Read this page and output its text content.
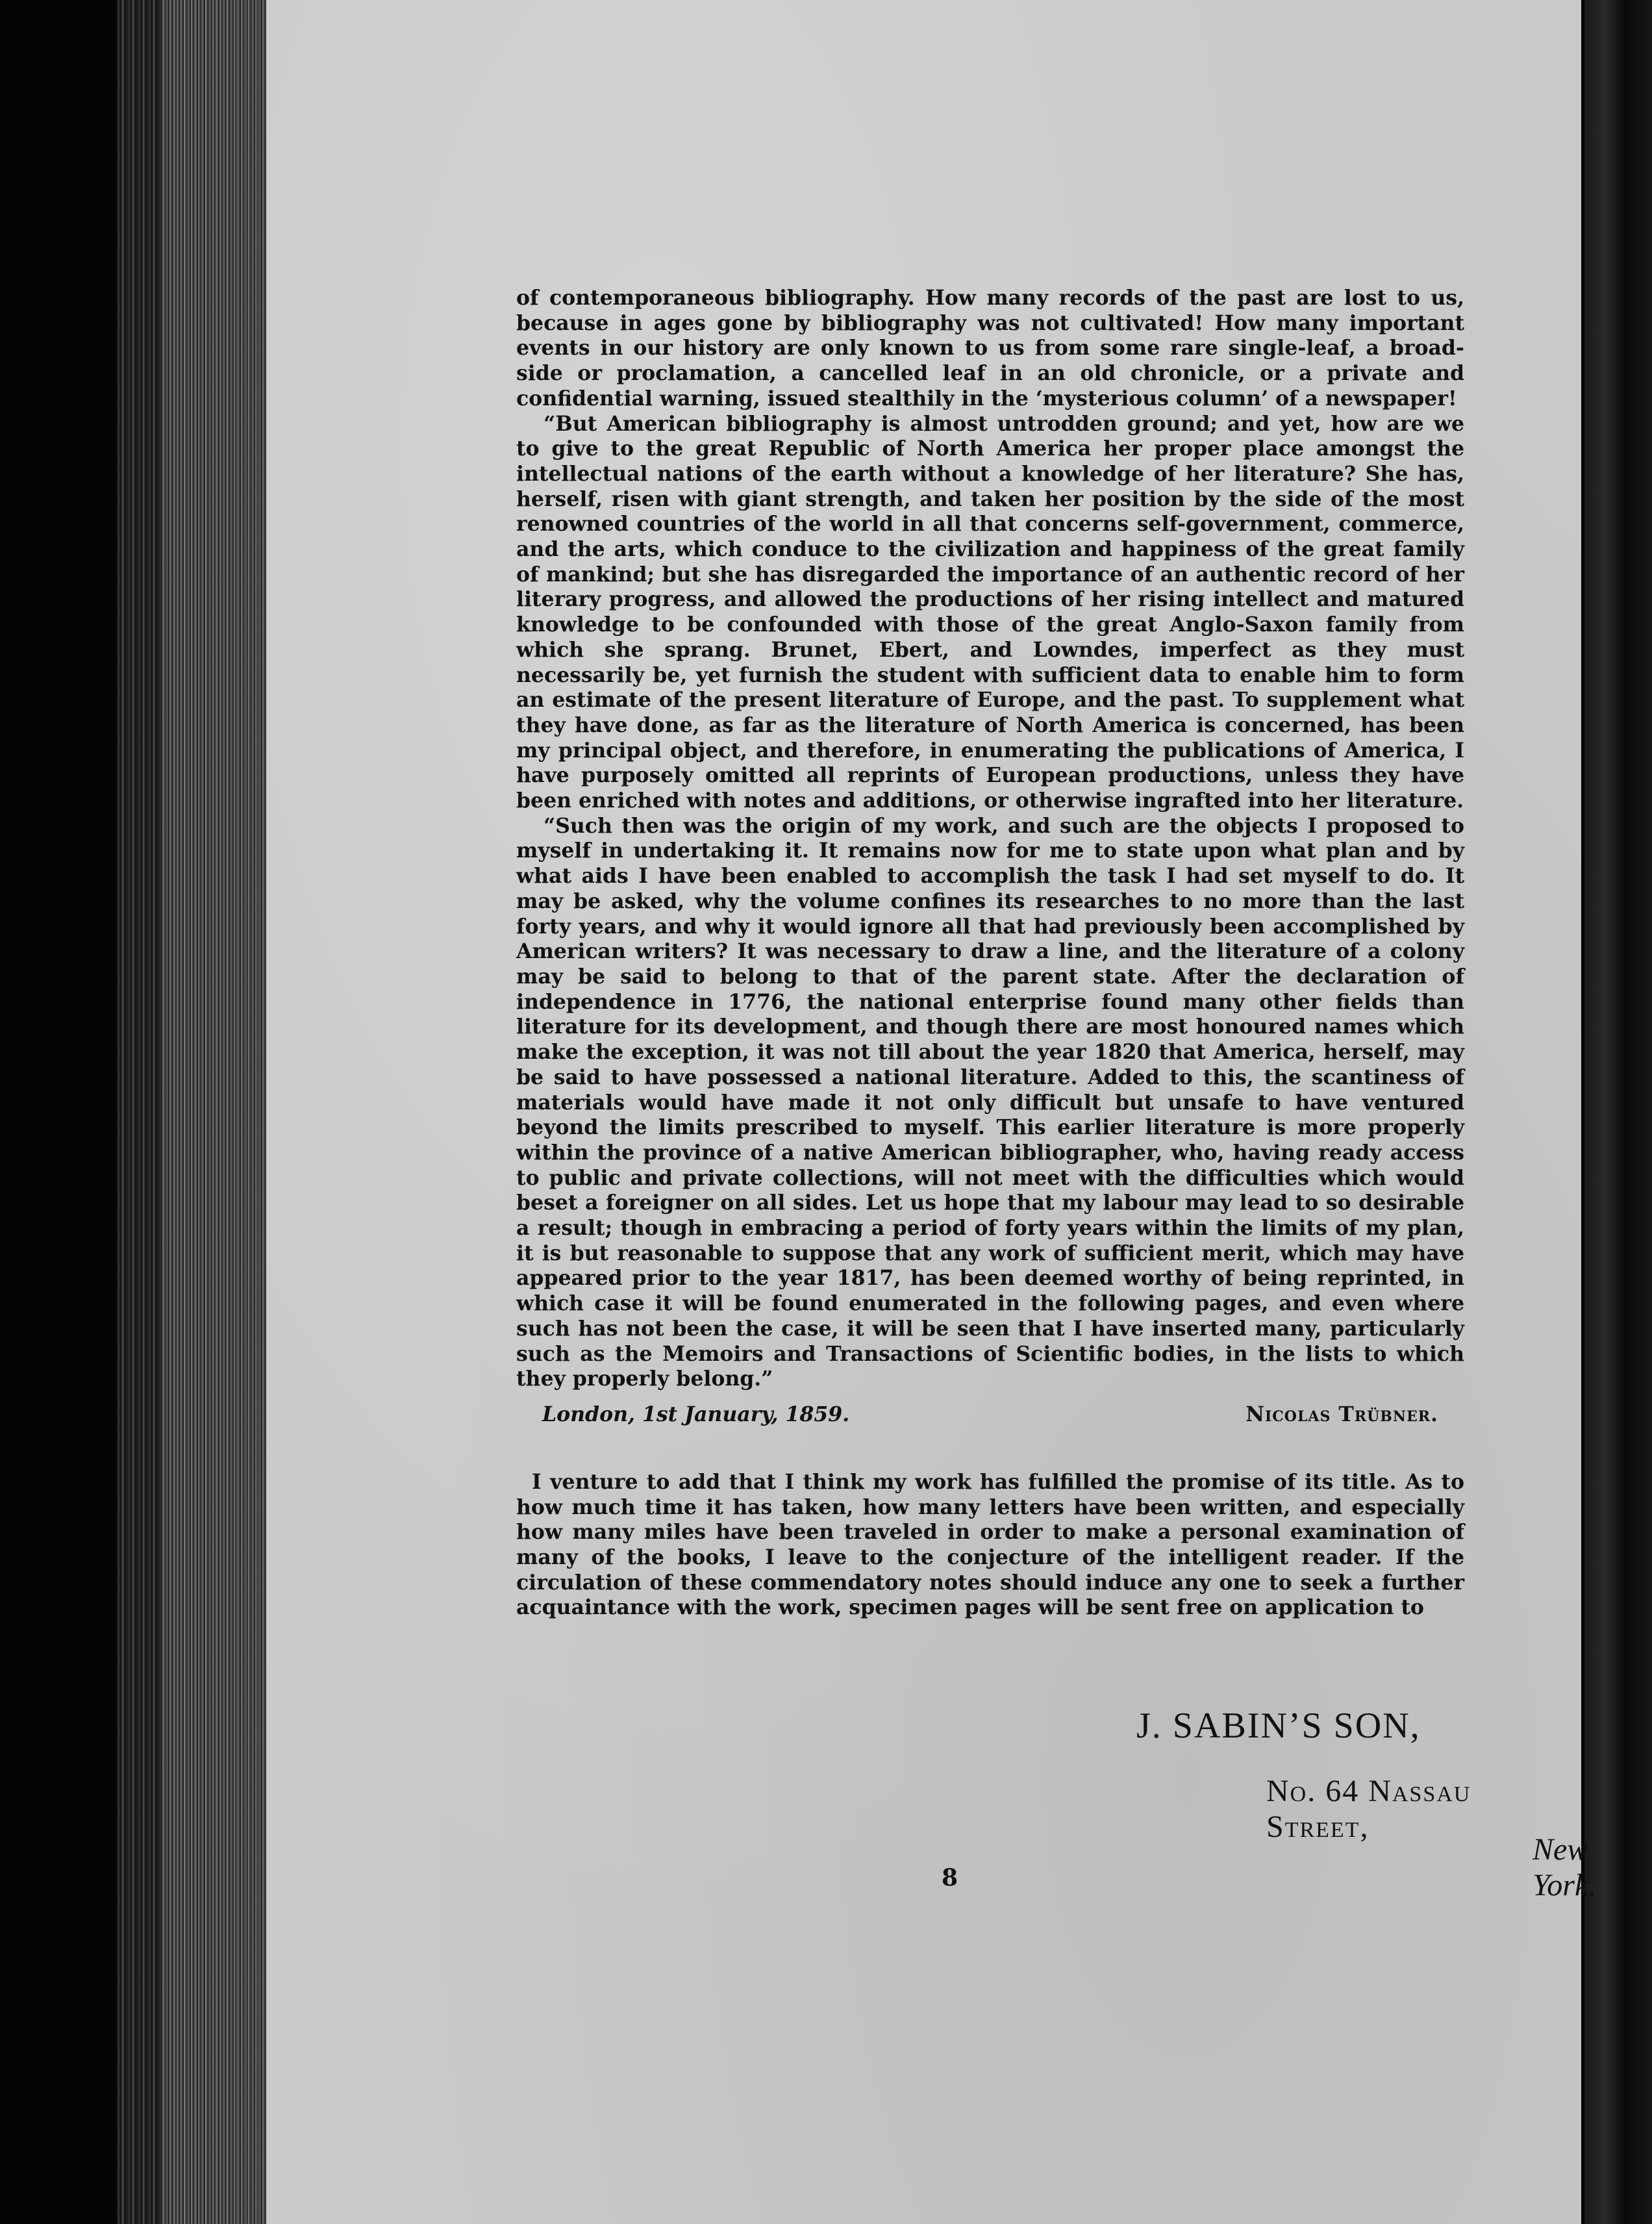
of contemporaneous bibliography. How many records of the past are lost to us, because in ages gone by bibliography was not cultivated! How many important events in our history are only known to us from some rare single-leaf, a broad-side or proclamation, a cancelled leaf in an old chronicle, or a private and confidential warning, issued stealthily in the ‘mysterious column’ of a newspaper!

“But American bibliography is almost untrodden ground; and yet, how are we to give to the great Republic of North America her proper place amongst the intellectual nations of the earth without a knowledge of her literature? She has, herself, risen with giant strength, and taken her position by the side of the most renowned countries of the world in all that concerns self-government, commerce, and the arts, which conduce to the civilization and happiness of the great family of mankind; but she has disregarded the importance of an authentic record of her literary progress, and allowed the productions of her rising intellect and matured knowledge to be confounded with those of the great Anglo-Saxon family from which she sprang. Brunet, Ebert, and Lowndes, imperfect as they must necessarily be, yet furnish the student with sufficient data to enable him to form an estimate of the present literature of Europe, and the past. To supplement what they have done, as far as the literature of North America is concerned, has been my principal object, and therefore, in enumerating the publications of America, I have purposely omitted all reprints of European productions, unless they have been enriched with notes and additions, or otherwise ingrafted into her literature.

“Such then was the origin of my work, and such are the objects I proposed to myself in undertaking it. It remains now for me to state upon what plan and by what aids I have been enabled to accomplish the task I had set myself to do. It may be asked, why the volume confines its researches to no more than the last forty years, and why it would ignore all that had previously been accomplished by American writers? It was necessary to draw a line, and the literature of a colony may be said to belong to that of the parent state. After the declaration of independence in 1776, the national enterprise found many other fields than literature for its development, and though there are most honoured names which make the exception, it was not till about the year 1820 that America, herself, may be said to have possessed a national literature. Added to this, the scantiness of materials would have made it not only difficult but unsafe to have ventured beyond the limits prescribed to myself. This earlier literature is more properly within the province of a native American bibliographer, who, having ready access to public and private collections, will not meet with the difficulties which would beset a foreigner on all sides. Let us hope that my labour may lead to so desirable a result; though in embracing a period of forty years within the limits of my plan, it is but reasonable to suppose that any work of sufficient merit, which may have appeared prior to the year 1817, has been deemed worthy of being reprinted, in which case it will be found enumerated in the following pages, and even where such has not been the case, it will be seen that I have inserted many, particularly such as the Memoirs and Transactions of Scientific bodies, in the lists to which they properly belong.”

London, 1st January, 1859.	Nicolas Trübner.

I venture to add that I think my work has fulfilled the promise of its title. As to how much time it has taken, how many letters have been written, and especially how many miles have been traveled in order to make a personal examination of many of the books, I leave to the conjecture of the intelligent reader. If the circulation of these commendatory notes should induce any one to seek a further acquaintance with the work, specimen pages will be sent free on application to

J. SABIN’S SON,
No. 64 Nassau Street,
New York.
8
